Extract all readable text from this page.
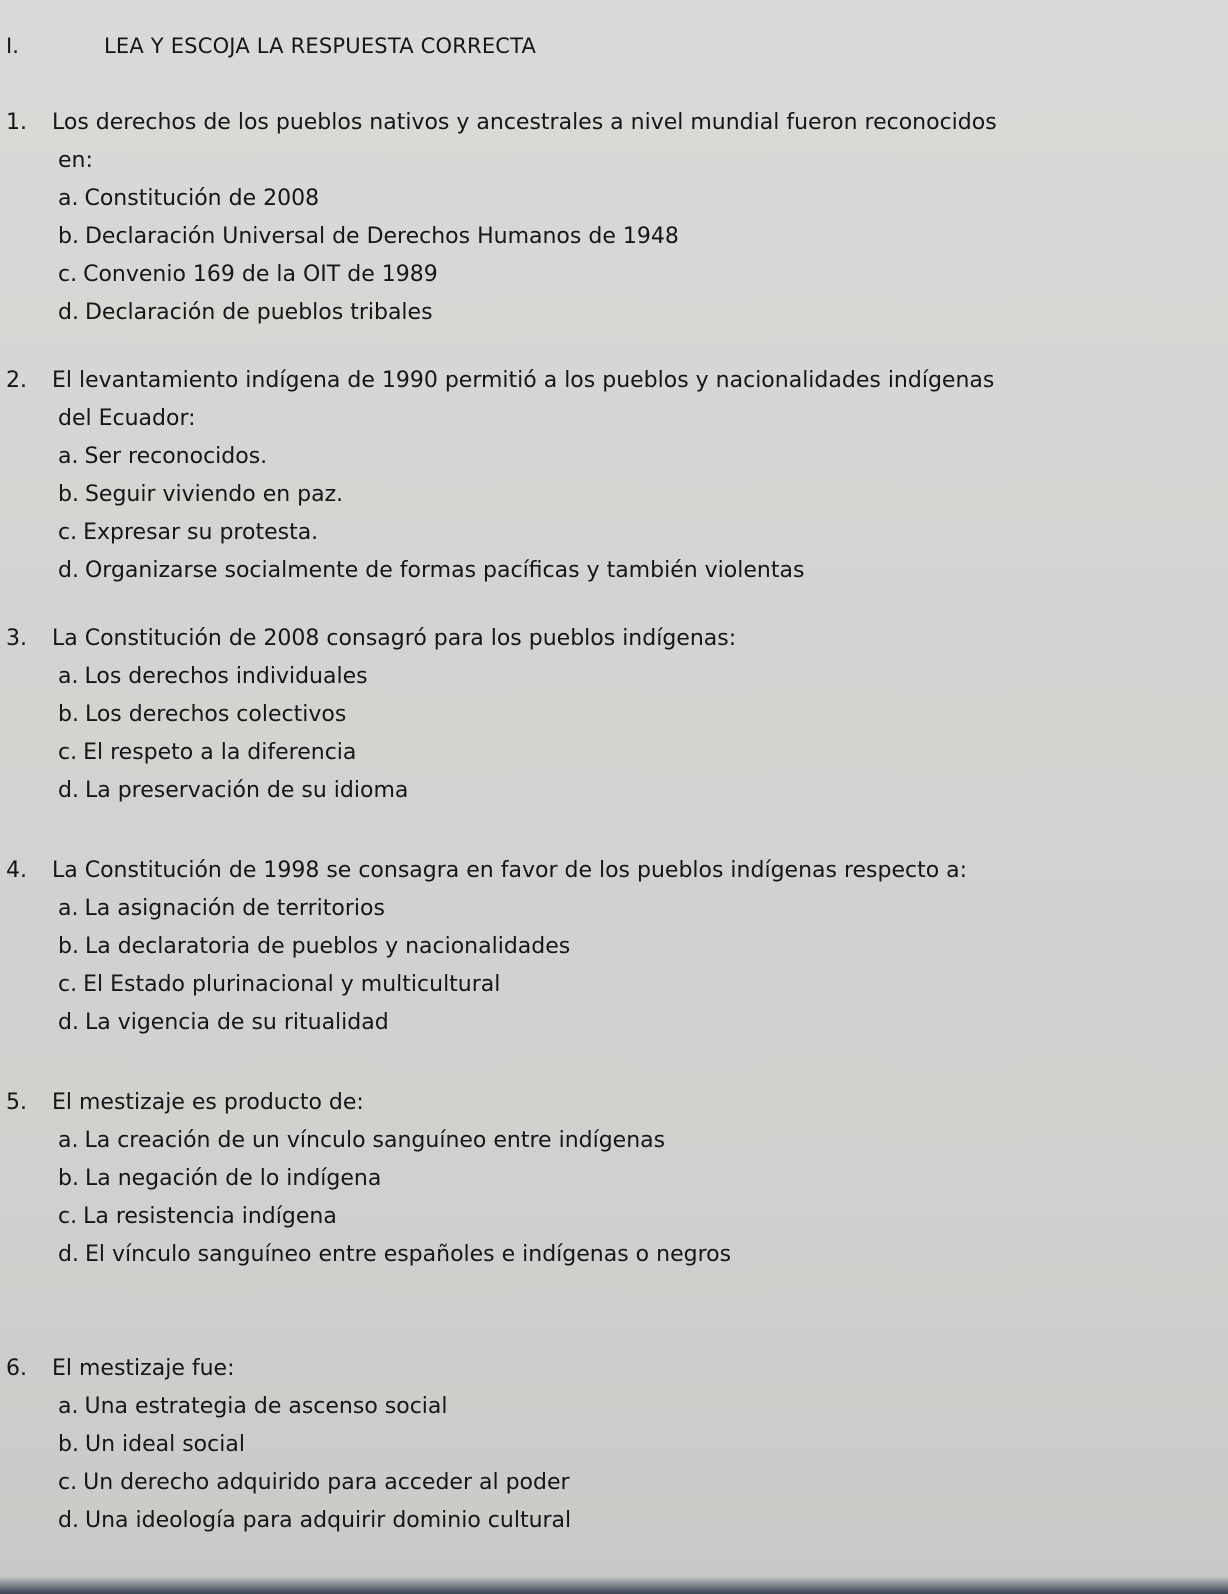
I.	LEA Y ESCOJA LA RESPUESTA CORRECTA
1. Los derechos de los pueblos nativos y ancestrales a nivel mundial fueron reconocidos
en:
a. Constitución de 2008
b. Declaración Universal de Derechos Humanos de 1948
c. Convenio 169 de la OIT de 1989
d. Declaración de pueblos tribales
2. El levantamiento indígena de 1990 permitió a los pueblos y nacionalidades indígenas
del Ecuador:
a. Ser reconocidos.
b. Seguir viviendo en paz.
c. Expresar su protesta.
d. Organizarse socialmente de formas pacíficas y también violentas
3. La Constitución de 2008 consagró para los pueblos indígenas:
a. Los derechos individuales
b. Los derechos colectivos
c. El respeto a la diferencia
d. La preservación de su idioma
4. La Constitución de 1998 se consagra en favor de los pueblos indígenas respecto a:
a. La asignación de territorios
b. La declaratoria de pueblos y nacionalidades
c. El Estado plurinacional y multicultural
d. La vigencia de su ritualidad
5. El mestizaje es producto de:
a. La creación de un vínculo sanguíneo entre indígenas
b. La negación de lo indígena
c. La resistencia indígena
d. El vínculo sanguíneo entre españoles e indígenas o negros
6. El mestizaje fue:
a. Una estrategia de ascenso social
b. Un ideal social
c. Un derecho adquirido para acceder al poder
d. Una ideología para adquirir dominio cultural
